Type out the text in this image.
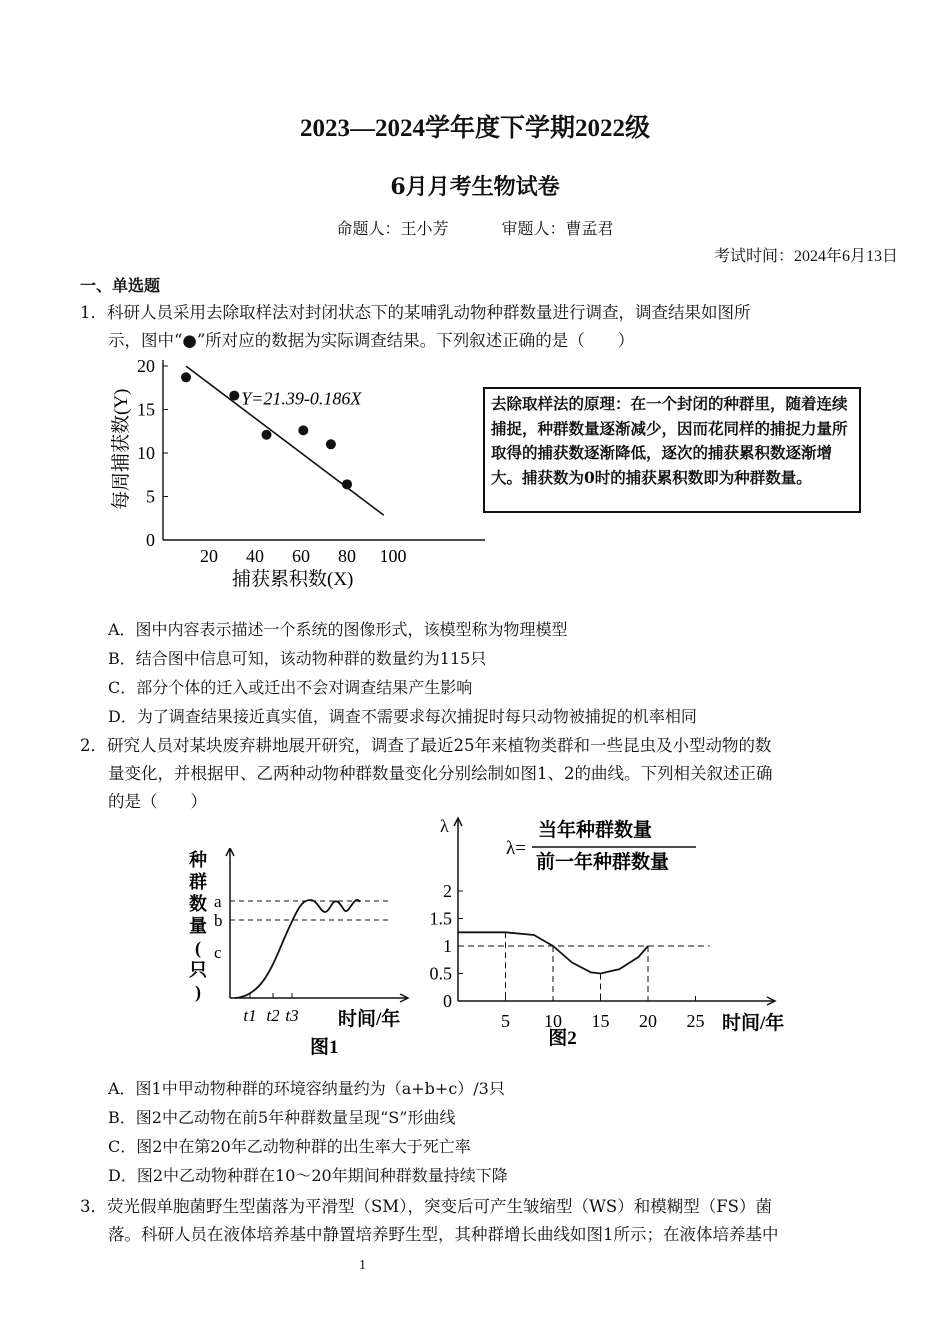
2023—2024学年度下学期2022级
6月月考生物试卷
命题人：王小芳	审题人：曹孟君
考试时间：2024年6月13日
一、单选题
1．科研人员采用去除取样法对封闭状态下的某哺乳动物种群数量进行调查，调查结果如图所
示，图中“●”所对应的数据为实际调查结果。下列叙述正确的是（　　）
0
5
10
15
20
20 40 60 80 100
Y=21.39-0.186X
捕获累积数(X)
每周捕获数(Y)	去除取样法的原理：在一个封闭的种群里，随着连续捕捉，种群数量逐渐减少，因而花同样的捕捉力量所取得的捕获数逐渐降低，逐次的捕获累积数逐渐增大。捕获数为0时的捕获累积数即为种群数量。
A．图中内容表示描述一个系统的图像形式，该模型称为物理模型
B．结合图中信息可知，该动物种群的数量约为115只
C．部分个体的迁入或迁出不会对调查结果产生影响
D．为了调查结果接近真实值，调查不需要求每次捕捉时每只动物被捕捉的机率相同
2．研究人员对某块废弃耕地展开研究，调查了最近25年来植物类群和一些昆虫及小型动物的数
量变化，并根据甲、乙两种动物种群数量变化分别绘制如图1、2的曲线。下列相关叙述正确
的是（　　）
a
b
c
t1 t2 t3 时间/年
图1
种
群
数
量
(
只
)
λ
0
0.5
1
1.5
2
5 10 15 20 25 时间/年
图2
λ=
当年种群数量
前一年种群数量
A．图1中甲动物种群的环境容纳量约为（a+b+c）/3只
B．图2中乙动物在前5年种群数量呈现“S”形曲线
C．图2中在第20年乙动物种群的出生率大于死亡率
D．图2中乙动物种群在10～20年期间种群数量持续下降
3．荧光假单胞菌野生型菌落为平滑型（SM），突变后可产生皱缩型（WS）和模糊型（FS）菌
落。科研人员在液体培养基中静置培养野生型，其种群增长曲线如图1所示；在液体培养基中
1
